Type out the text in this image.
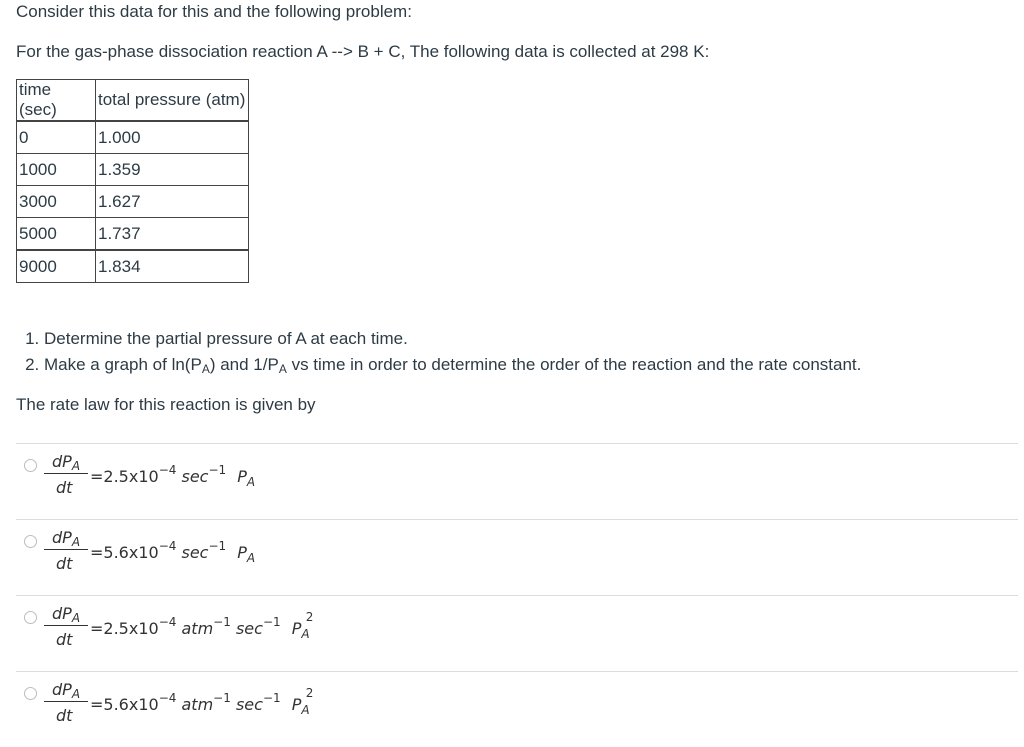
Consider this data for this and the following problem:

For the gas-phase dissociation reaction A --> B + C, The following data is collected at 298 K:

time (sec)	total pressure (atm)
0	1.000
1000	1.359
3000	1.627
5000	1.737
9000	1.834
1. Determine the partial pressure of A at each time.
2. Make a graph of $\ln(P_A)$ and $1/P_A$ vs time in order to determine the order of the reaction and the rate constant.

The rate law for this reaction is given by

dPA
dt
$=2.5x10^{-4}$ $\sec^{-1} P_A$
dPA
dt
$=5.6x10^{-4}$ $\sec^{-1} P_A$
dPA
dt
$=2.5x10^{-4}$ atm$^{-1}$ $\sec^{-1} P_A$
2
dPA
dt
$=5.6x10^{-4}$ atm$^{-1}$ $\sec^{-1} P_A$
2
